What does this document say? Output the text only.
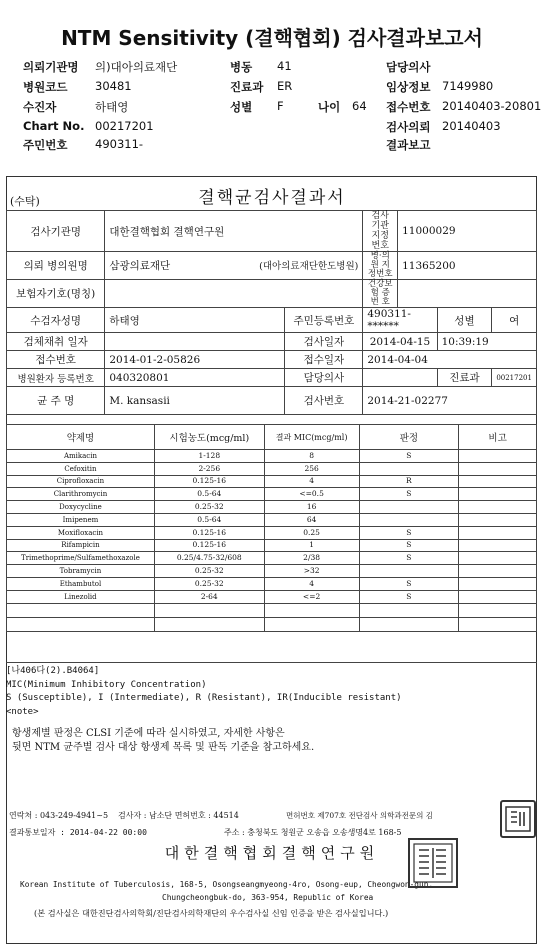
NTM Sensitivity (결핵협회) 검사결과보고서
의뢰기관명 의)대아의료재단	병동 41	담당의사
병원코드 30481	진료과 ER	임상정보 7149980
수진자	하태영	성별 F	나이 64 접수번호 20140403-20801
Chart No. 00217201	검사의뢰 20140403
주민번호 490311-	결과보고
(수탁)	결핵균검사결과서
검사기관명	대한결핵협회 결핵연구원		검사기관 지정번호	11000029		
의뢰 병의원명	삼광의료재단 (대아의료재단한도병원)		병·의원 지정번호	11365200		
보험자기호(명칭)			건강보험 증 번 호			
수검자성명	하태영	주민등록번호	490311- ******		성별	여
검체채취 일자		검사일자	2014-04-15		10:39:19	
접수번호	2014-01-2-05826	접수일자	2014-04-04			
병원환자 등록번호	040320801	담당의사			진료과	00217201
균 주 명	M. kansasii	검사번호	2014-21-02277			
약제명	시험농도(mcg/ml)	결과 MIC(mcg/ml)	판정	비고
Amikacin	1-128	8	S	
Cefoxitin	2-256	256		
Ciprofloxacin	0.125-16	4	R	
Clarithromycin	0.5-64	<=0.5	S	
Doxycycline	0.25-32	16		
Imipenem	0.5-64	64		
Moxifloxacin	0.125-16	0.25	S	
Rifampicin	0.125-16	1	S	
Trimethoprime/Sulfamethoxazole	0.25/4.75-32/608	2/38	S	
Tobramycin	0.25-32	>32		
Ethambutol	0.25-32	4	S	
Linezolid	2-64	<=2	S	

[나406다(2).B4064]
MIC(Minimum Inhibitory Concentration)
S (Susceptible), I (Intermediate), R (Resistant), IR(Inducible resistant)
<note>
항생제별 판정은 CLSI 기준에 따라 실시하였고, 자세한 사항은
뒷면 NTM 균주별 검사 대상 항생제 목록 및 판독 기준을 참고하세요.
연락처 : 043-249-4941~5 검사자 : 남소단 면허번호 : 44514	면허번호 제707호 전단검사 의학과전문의 김
결과통보일자 : 2014-04-22 00:00	주소 : 충청북도 청원군 오송읍 오송생명4로 168-5
대한결핵협회결핵연구원
Korean Institute of Tuberculosis, 168-5, Osongseangmyeong-4ro, Osong-eup, Cheongwon-gun,
Chungcheongbuk-do, 363-954, Republic of Korea
(본 검사실은 대한진단검사의학회/진단검사의학재단의 우수검사실 신임 인증을 받은 검사실입니다.)
